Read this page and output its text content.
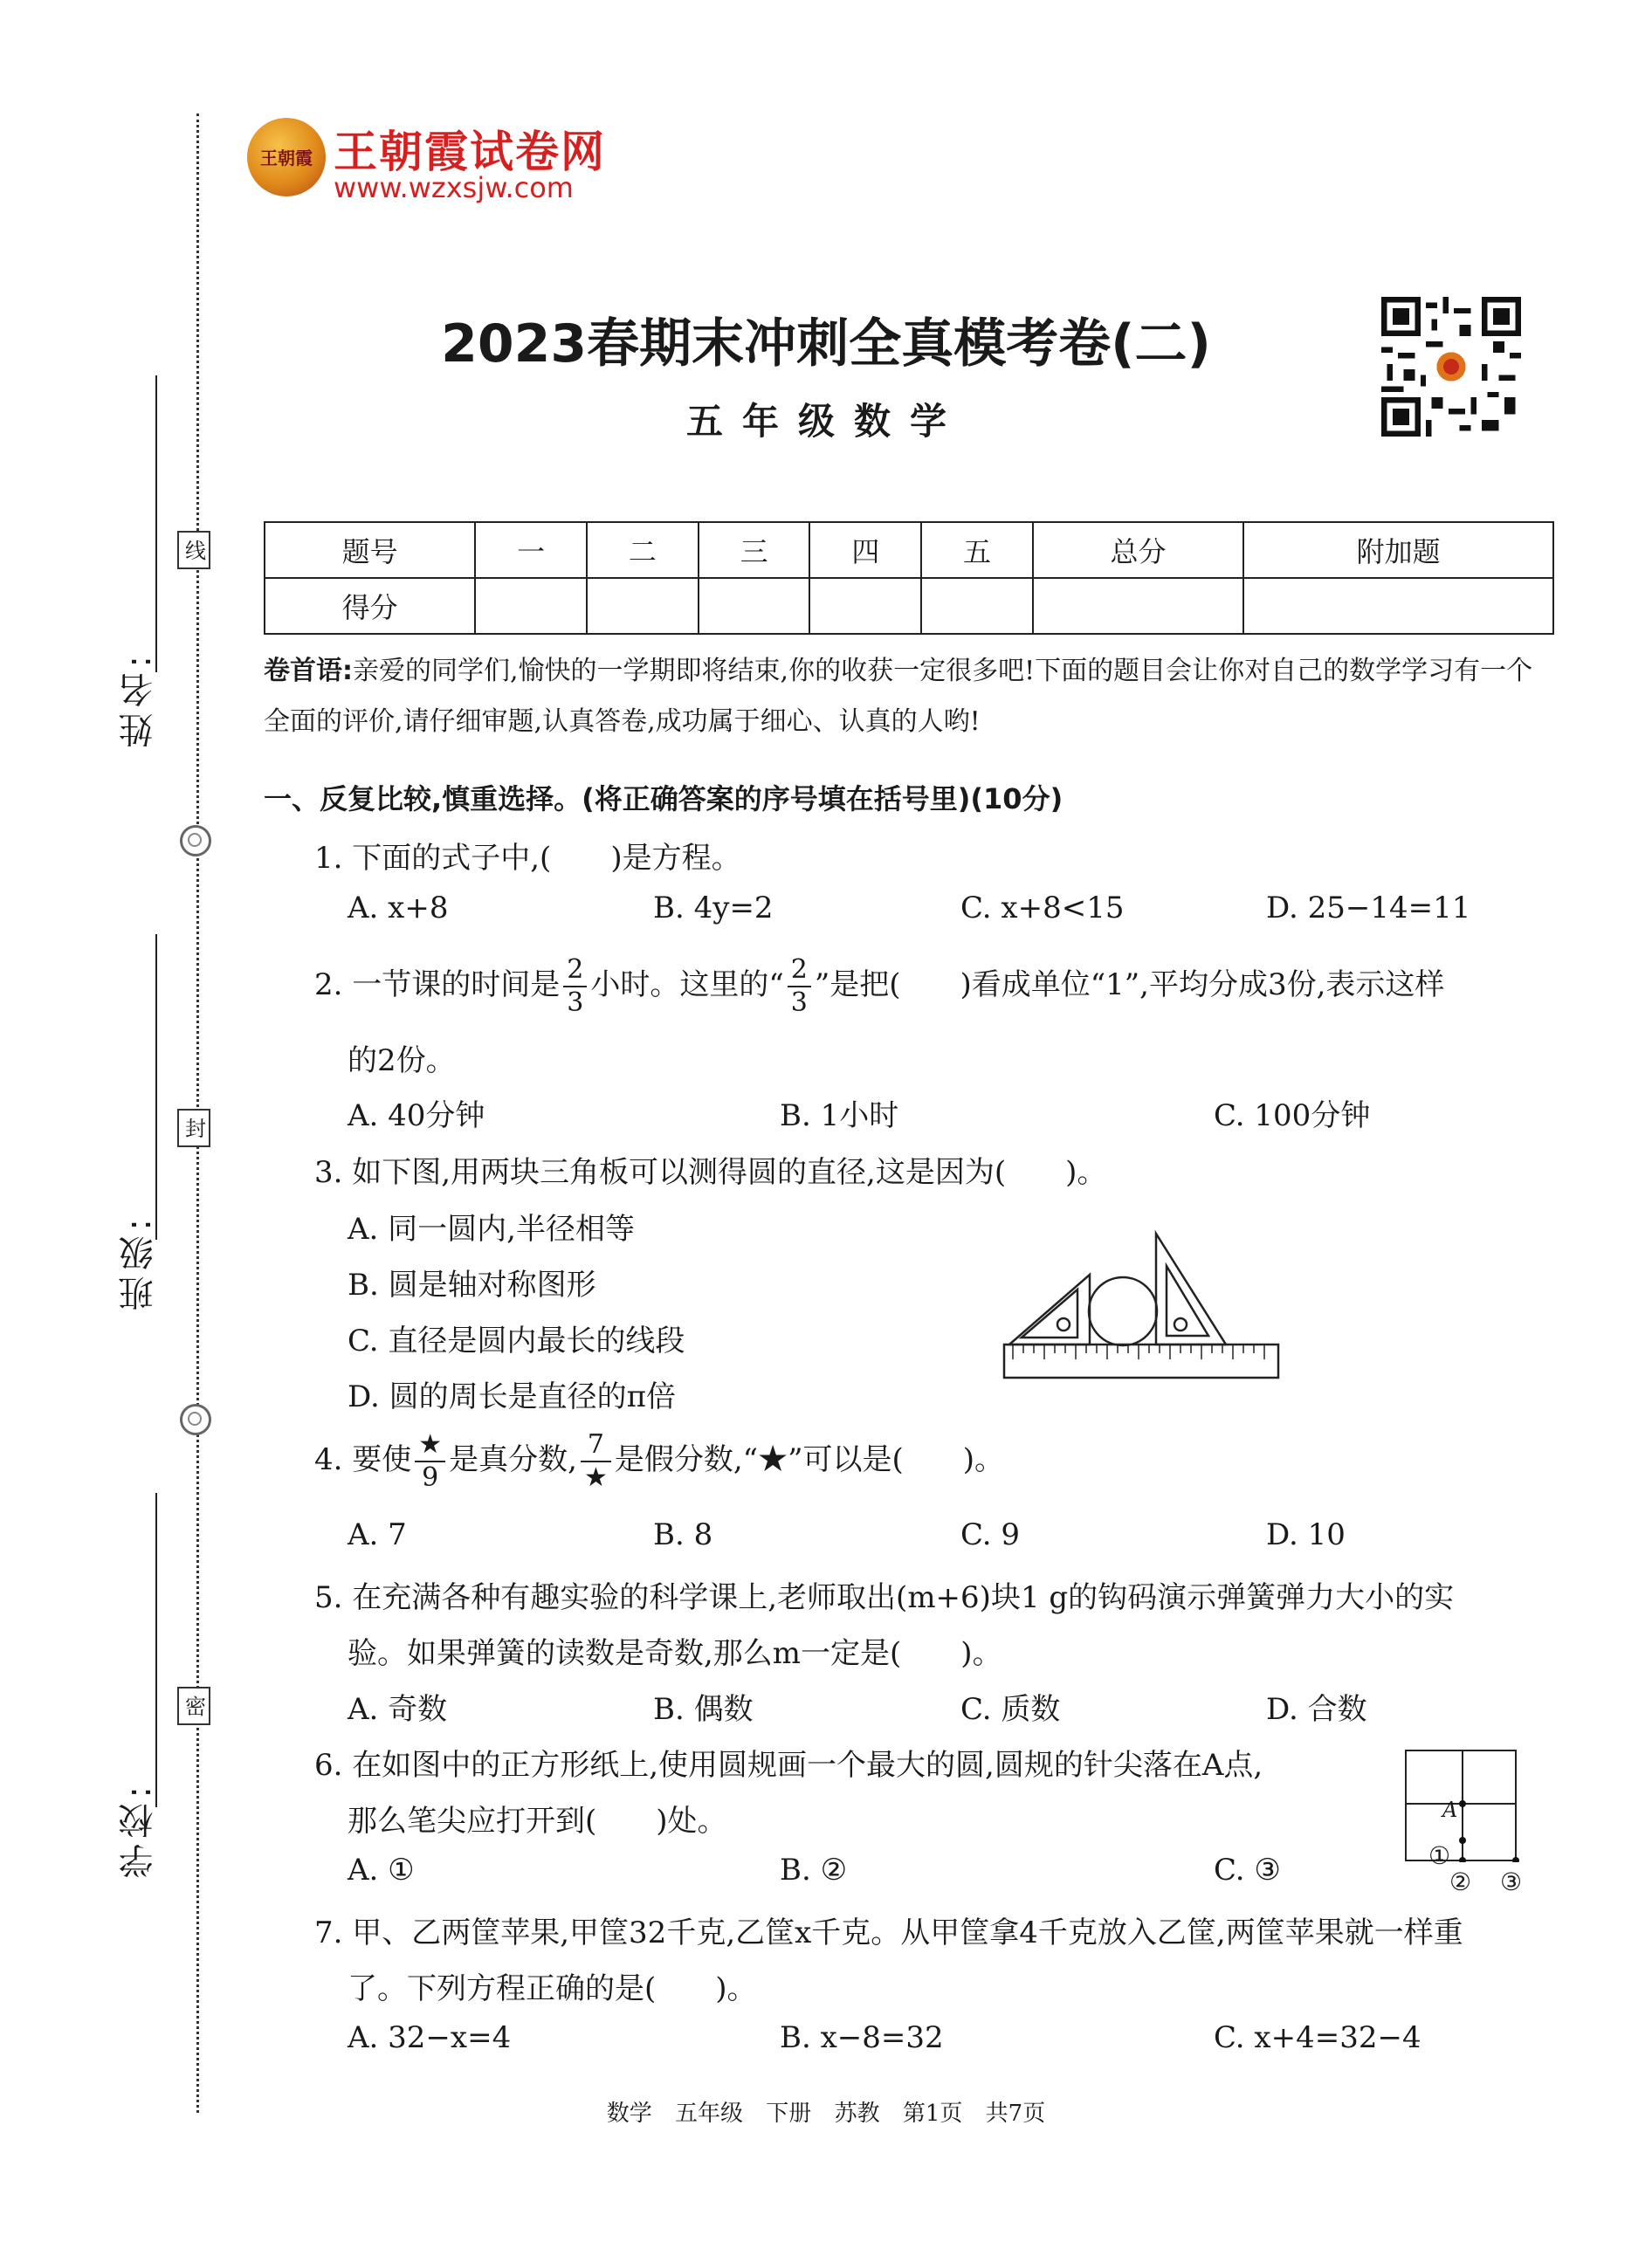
姓名:
班级:
学校:
线
封
密
王朝霞 王朝霞试卷网
www.wzxsjw.com
2023春期末冲刺全真模考卷(二)
五年级数学
题号	一	二	三	四	五	总分	附加题
得分							
卷首语:亲爱的同学们,愉快的一学期即将结束,你的收获一定很多吧!下面的题目会让你对自己的数学学习有一个全面的评价,请仔细审题,认真答卷,成功属于细心、认真的人哟!
一、反复比较,慎重选择。(将正确答案的序号填在括号里)(10分)
1. 下面的式子中,(　　)是方程。
A. x+8	B. 4y=2	C. x+8<15	D. 25−14=11
2. 一节课的时间是 $\frac{2}{3}$ 小时。这里的“ $\frac{2}{3}$ ”是把(　　)看成单位“1”,平均分成3份,表示这样
的2份。
A. 40分钟	B. 1小时	C. 100分钟
3. 如下图,用两块三角板可以测得圆的直径,这是因为(　　)。
A. 同一圆内,半径相等
B. 圆是轴对称图形
C. 直径是圆内最长的线段
D. 圆的周长是直径的π倍
4. 要使 $\frac{★}{9}$ 是真分数, $\frac{7}{★}$ 是假分数,“★”可以是(　　)。
A. 7	B. 8	C. 9	D. 10
5. 在充满各种有趣实验的科学课上,老师取出(m+6)块1 g的钩码演示弹簧弹力大小的实
验。如果弹簧的读数是奇数,那么m一定是(　　)。
A. 奇数	B. 偶数	C. 质数	D. 合数
6. 在如图中的正方形纸上,使用圆规画一个最大的圆,圆规的针尖落在A点,
那么笔尖应打开到(　　)处。
A. ①	B. ②	C. ③
A
①
② ③
7. 甲、乙两筐苹果,甲筐32千克,乙筐x千克。从甲筐拿4千克放入乙筐,两筐苹果就一样重
了。下列方程正确的是(　　)。
A. 32−x=4	B. x−8=32	C. x+4=32−4
数学 五年级 下册 苏教 第1页 共7页
